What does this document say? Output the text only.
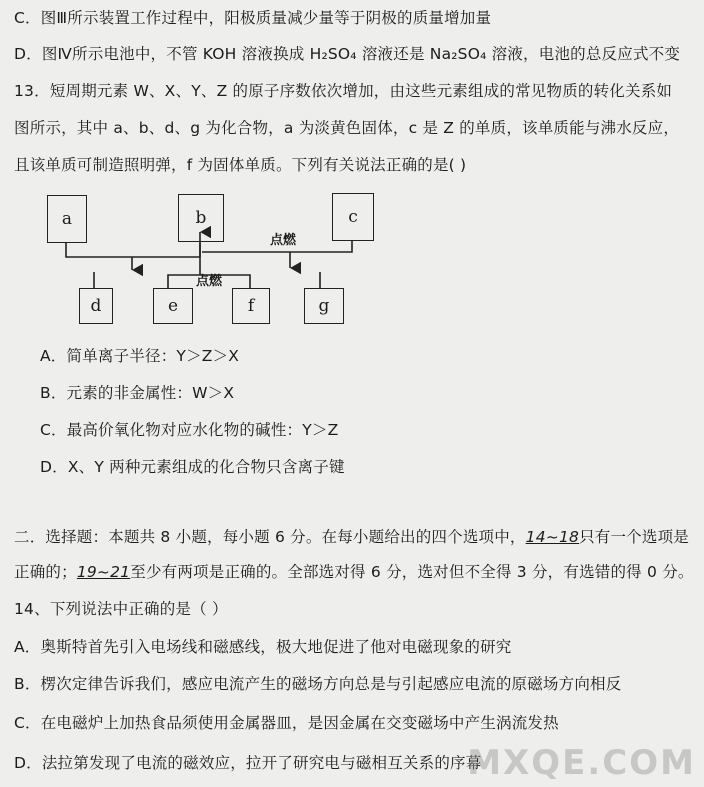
C．图Ⅲ所示装置工作过程中，阳极质量减少量等于阴极的质量增加量
D．图Ⅳ所示电池中，不管 KOH 溶液换成 H₂SO₄ 溶液还是 Na₂SO₄ 溶液，电池的总反应式不变
13．短周期元素 W、X、Y、Z 的原子序数依次增加，由这些元素组成的常见物质的转化关系如
图所示，其中 a、b、d、g 为化合物，a 为淡黄色固体，c 是 Z 的单质，该单质能与沸水反应，
且该单质可制造照明弹，f 为固体单质。下列有关说法正确的是( )
a	b	c
d	e	f	g
点燃
点燃
A．简单离子半径：Y＞Z＞X
B．元素的非金属性：W＞X
C．最高价氧化物对应水化物的碱性：Y＞Z
D．X、Y 两种元素组成的化合物只含离子键
二．选择题：本题共 8 小题，每小题 6 分。在每小题给出的四个选项中，14~18只有一个选项是
正确的；19~21至少有两项是正确的。全部选对得 6 分，选对但不全得 3 分，有选错的得 0 分。
14、下列说法中正确的是（ ）
A．奥斯特首先引入电场线和磁感线，极大地促进了他对电磁现象的研究
B．楞次定律告诉我们，感应电流产生的磁场方向总是与引起感应电流的原磁场方向相反
C．在电磁炉上加热食品须使用金属器皿，是因金属在交变磁场中产生涡流发热
D．法拉第发现了电流的磁效应，拉开了研究电与磁相互关系的序幕
MXQE.COM
